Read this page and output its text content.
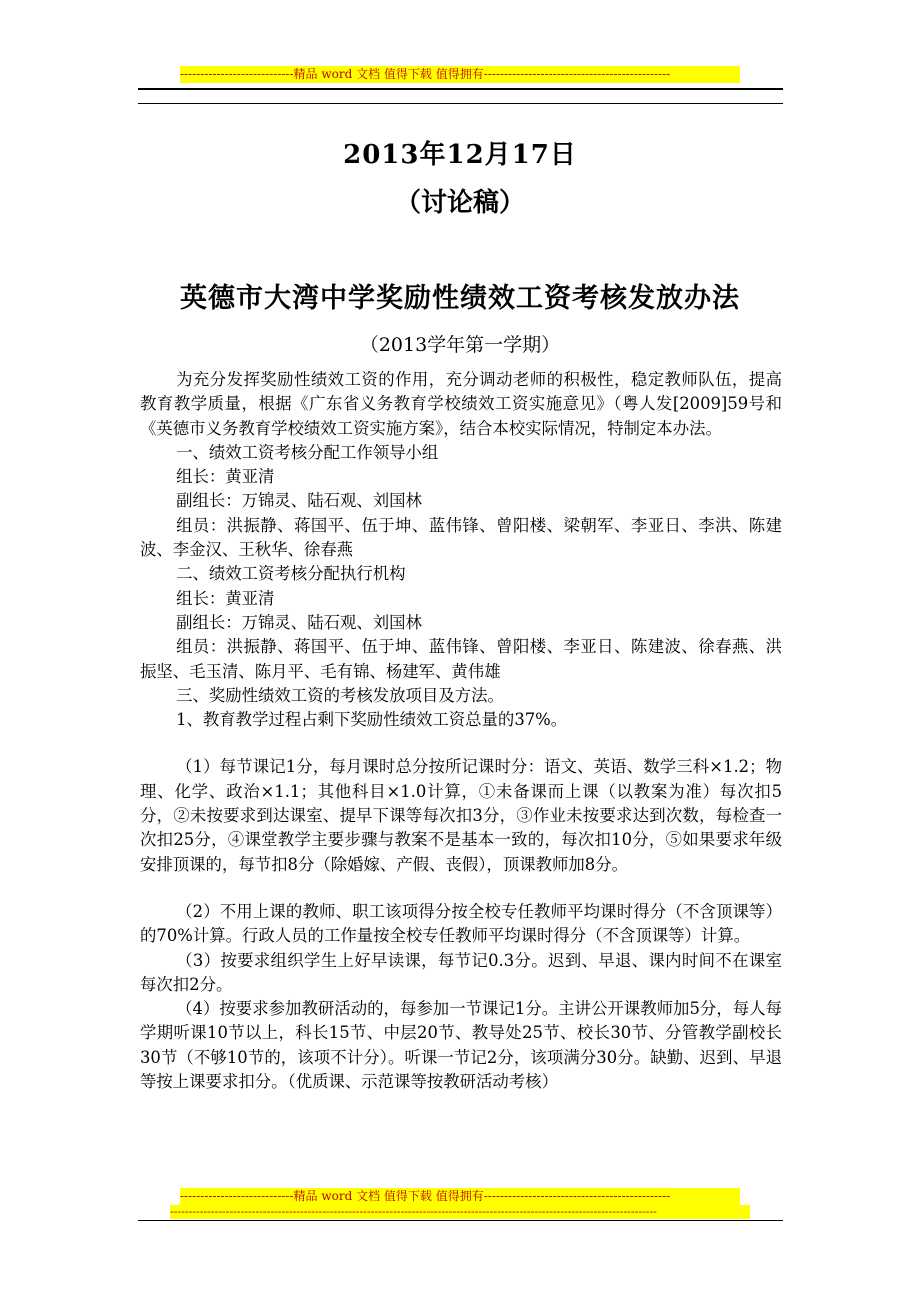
----------------------------精品 word 文档 值得下载 值得拥有----------------------------------------------
2013年12月17日
（讨论稿）
英德市大湾中学奖励性绩效工资考核发放办法
（2013学年第一学期）

为充分发挥奖励性绩效工资的作用，充分调动老师的积极性，稳定教师队伍，提高教育教学质量，根据《广东省义务教育学校绩效工资实施意见》（粤人发[2009]59号和《英德市义务教育学校绩效工资实施方案》，结合本校实际情况，特制定本办法。

一、绩效工资考核分配工作领导小组

组长：黄亚清

副组长：万锦灵、陆石观、刘国林

组员：洪振静、蒋国平、伍于坤、蓝伟锋、曾阳楼、梁朝军、李亚日、李洪、陈建波、李金汉、王秋华、徐春燕

二、绩效工资考核分配执行机构

组长：黄亚清

副组长：万锦灵、陆石观、刘国林

组员：洪振静、蒋国平、伍于坤、蓝伟锋、曾阳楼、李亚日、陈建波、徐春燕、洪振坚、毛玉清、陈月平、毛有锦、杨建军、黄伟雄

三、奖励性绩效工资的考核发放项目及方法。

1、教育教学过程占剩下奖励性绩效工资总量的37%。

（1）每节课记1分，每月课时总分按所记课时分：语文、英语、数学三科×1.2；物理、化学、政治×1.1；其他科目×1.0计算，①未备课而上课（以教案为准）每次扣5分，②未按要求到达课室、提早下课等每次扣3分，③作业未按要求达到次数，每检查一次扣25分，④课堂教学主要步骤与教案不是基本一致的，每次扣10分，⑤如果要求年级安排顶课的，每节扣8分（除婚嫁、产假、丧假），顶课教师加8分。

（2）不用上课的教师、职工该项得分按全校专任教师平均课时得分（不含顶课等）的70%计算。行政人员的工作量按全校专任教师平均课时得分（不含顶课等）计算。

（3）按要求组织学生上好早读课，每节记0.3分。迟到、早退、课内时间不在课室每次扣2分。

（4）按要求参加教研活动的，每参加一节课记1分。主讲公开课教师加5分，每人每学期听课10节以上，科长15节、中层20节、教导处25节、校长30节、分管教学副校长30节（不够10节的，该项不计分）。听课一节记2分，该项满分30分。缺勤、迟到、早退等按上课要求扣分。（优质课、示范课等按教研活动考核）

----------------------------精品 word 文档 值得下载 值得拥有----------------------------------------------
-----------------------------------------------------------------------------------------------------------------------------------
